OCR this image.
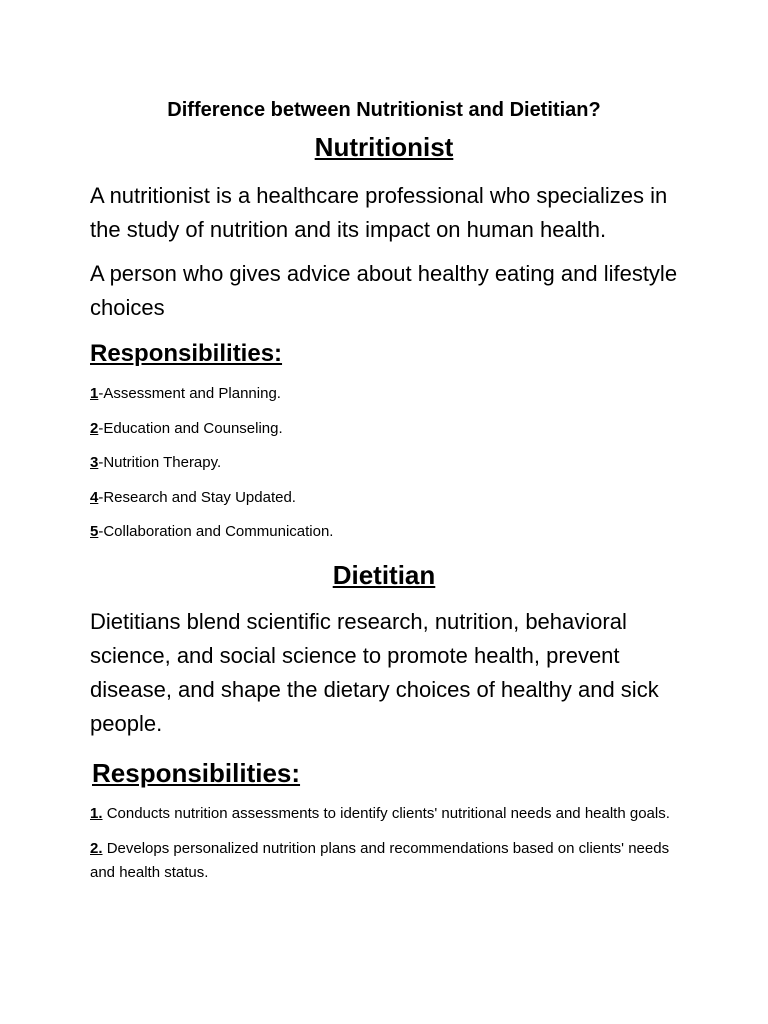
Difference between Nutritionist and Dietitian?
Nutritionist
A nutritionist is a healthcare professional who specializes in the study of nutrition and its impact on human health.
A person who gives advice about healthy eating and lifestyle choices
Responsibilities:
1-Assessment and Planning.
2-Education and Counseling.
3-Nutrition Therapy.
4-Research and Stay Updated.
5-Collaboration and Communication.
Dietitian
Dietitians blend scientific research, nutrition, behavioral science, and social science to promote health, prevent disease, and shape the dietary choices of healthy and sick people.
Responsibilities:
1. Conducts nutrition assessments to identify clients' nutritional needs and health goals.
2. Develops personalized nutrition plans and recommendations based on clients' needs and health status.
